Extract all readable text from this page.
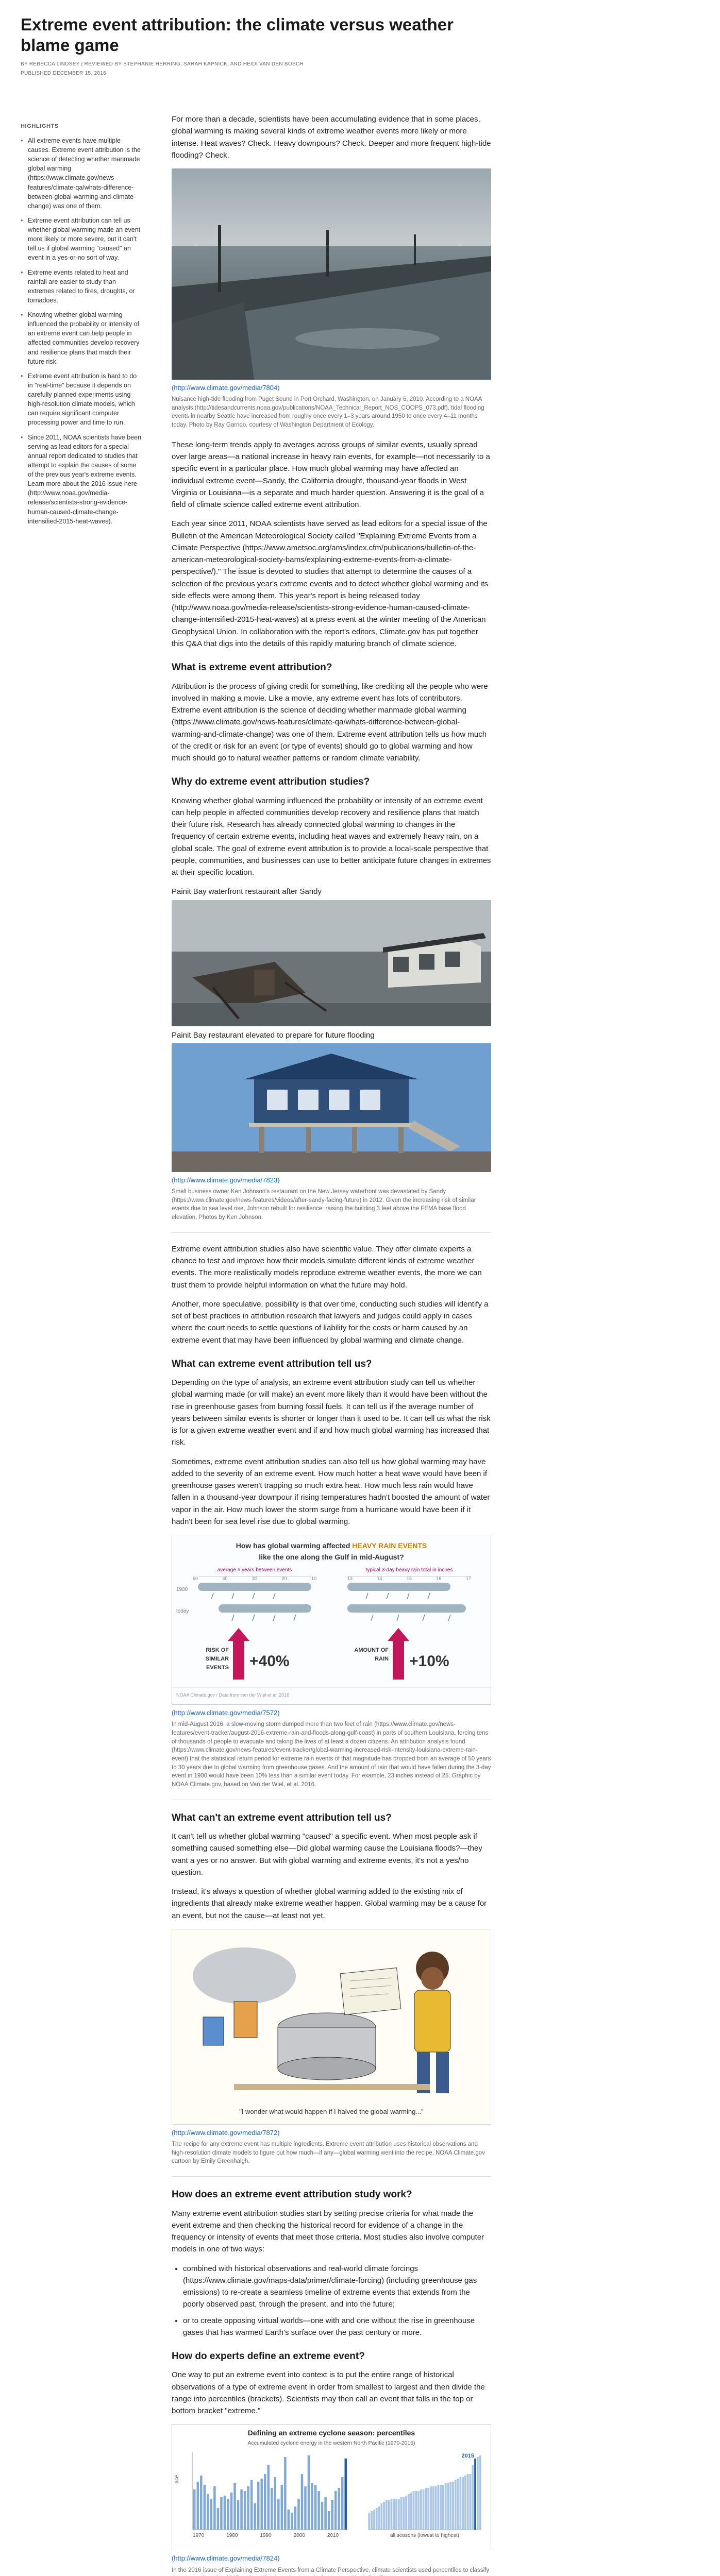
Extreme event attribution: the climate versus weather blame game
BY REBECCA LINDSEY | REVIEWED BY STEPHANIE HERRING, SARAH KAPNICK, AND HEIDI VAN DEN BOSCH
PUBLISHED DECEMBER 15, 2016
HIGHLIGHTS
• All extreme events have multiple causes. Extreme event attribution is the science of detecting whether manmade global warming (https://www.climate.gov/news-features/climate-qa/whats-difference-between-global-warming-and-climate-change) was one of them.
• Extreme event attribution can tell us whether global warming made an event more likely or more severe, but it can't tell us if global warming "caused" an event in a yes-or-no sort of way.
• Extreme events related to heat and rainfall are easier to study than extremes related to fires, droughts, or tornadoes.
• Knowing whether global warming influenced the probability or intensity of an extreme event can help people in affected communities develop recovery and resilience plans that match their future risk.
• Extreme event attribution is hard to do in "real-time" because it depends on carefully planned experiments using high-resolution climate models, which can require significant computer processing power and time to run.
• Since 2011, NOAA scientists have been serving as lead editors for a special annual report dedicated to studies that attempt to explain the causes of some of the previous year's extreme events. Learn more about the 2016 issue here (http://www.noaa.gov/media-release/scientists-strong-evidence-human-caused-climate-change-intensified-2015-heat-waves).

For more than a decade, scientists have been accumulating evidence that in some places, global warming is making several kinds of extreme weather events more likely or more intense. Heat waves? Check. Heavy downpours? Check. Deeper and more frequent high-tide flooding? Check.

(http://www.climate.gov/media/7804)
Nuisance high-tide flooding from Puget Sound in Port Orchard, Washington, on January 6, 2010. According to a NOAA analysis (http://tidesandcurrents.noaa.gov/publications/NOAA_Technical_Report_NOS_COOPS_073.pdf), tidal flooding events in nearby Seattle have increased from roughly once every 1–3 years around 1950 to once every 4–11 months today. Photo by Ray Garrido, courtesy of Washington Department of Ecology.

These long-term trends apply to averages across groups of similar events, usually spread over large areas—a national increase in heavy rain events, for example—not necessarily to a specific event in a particular place. How much global warming may have affected an individual extreme event—Sandy, the California drought, thousand-year floods in West Virginia or Louisiana—is a separate and much harder question. Answering it is the goal of a field of climate science called extreme event attribution.

Each year since 2011, NOAA scientists have served as lead editors for a special issue of the Bulletin of the American Meteorological Society called "Explaining Extreme Events from a Climate Perspective (https://www.ametsoc.org/ams/index.cfm/publications/bulletin-of-the-american-meteorological-society-bams/explaining-extreme-events-from-a-climate-perspective/)." The issue is devoted to studies that attempt to determine the causes of a selection of the previous year's extreme events and to detect whether global warming and its side effects were among them. This year's report is being released today (http://www.noaa.gov/media-release/scientists-strong-evidence-human-caused-climate-change-intensified-2015-heat-waves) at a press event at the winter meeting of the American Geophysical Union. In collaboration with the report's editors, Climate.gov has put together this Q&A that digs into the details of this rapidly maturing branch of climate science.

What is extreme event attribution?

Attribution is the process of giving credit for something, like crediting all the people who were involved in making a movie. Like a movie, any extreme event has lots of contributors. Extreme event attribution is the science of deciding whether manmade global warming (https://www.climate.gov/news-features/climate-qa/whats-difference-between-global-warming-and-climate-change) was one of them. Extreme event attribution tells us how much of the credit or risk for an event (or type of events) should go to global warming and how much should go to natural weather patterns or random climate variability.

Why do extreme event attribution studies?

Knowing whether global warming influenced the probability or intensity of an extreme event can help people in affected communities develop recovery and resilience plans that match their future risk. Research has already connected global warming to changes in the frequency of certain extreme events, including heat waves and extremely heavy rain, on a global scale. The goal of extreme event attribution is to provide a local-scale perspective that people, communities, and businesses can use to better anticipate future changes in extremes at their specific location.

Painit Bay waterfront restaurant after Sandy
Painit Bay restaurant elevated to prepare for future flooding
(http://www.climate.gov/media/7823)
Small business owner Ken Johnson's restaurant on the New Jersey waterfront was devastated by Sandy (https://www.climate.gov/news-features/videos/after-sandy-facing-future) in 2012. Given the increasing risk of similar events due to sea level rise, Johnson rebuilt for resilience: raising the building 3 feet above the FEMA base flood elevation. Photos by Ken Johnson.

Extreme event attribution studies also have scientific value. They offer climate experts a chance to test and improve how their models simulate different kinds of extreme weather events. The more realistically models reproduce extreme weather events, the more we can trust them to provide helpful information on what the future may hold.

Another, more speculative, possibility is that over time, conducting such studies will identify a set of best practices in attribution research that lawyers and judges could apply in cases where the court needs to settle questions of liability for the costs or harm caused by an extreme event that may have been influenced by global warming and climate change.

What can extreme event attribution tell us?

Depending on the type of analysis, an extreme event attribution study can tell us whether global warming made (or will make) an event more likely than it would have been without the rise in greenhouse gases from burning fossil fuels. It can tell us if the average number of years between similar events is shorter or longer than it used to be. It can tell us what the risk is for a given extreme weather event and if and how much global warming has increased that risk.

Sometimes, extreme event attribution studies can also tell us how global warming may have added to the severity of an extreme event. How much hotter a heat wave would have been if greenhouse gases weren't trapping so much extra heat. How much less rain would have fallen in a thousand-year downpour if rising temperatures hadn't boosted the amount of water vapor in the air. How much lower the storm surge from a hurricane would have been if it hadn't been for sea level rise due to global warming.

How has global warming affected HEAVY RAIN EVENTS
like the one along the Gulf in mid-August?
average # years between events	typical 3-day heavy rain total in inches
1900
today
50	40	30	20	10	13	14	15	16	17
RISK OF SIMILAR EVENTS +40%
AMOUNT OF RAIN +10%
NOAA Climate.gov / Data from van der Wiel et al. 2016
(http://www.climate.gov/media/7572)
In mid-August 2016, a slow-moving storm dumped more than two feet of rain (https://www.climate.gov/news-features/event-tracker/august-2016-extreme-rain-and-floods-along-gulf-coast) in parts of southern Louisiana, forcing tens of thousands of people to evacuate and taking the lives of at least a dozen citizens. An attribution analysis found (https://www.climate.gov/news-features/event-tracker/global-warming-increased-risk-intensity-louisiana-extreme-rain-event) that the statistical return period for extreme rain events of that magnitude has dropped from an average of 50 years to 30 years due to global warming from greenhouse gases. And the amount of rain that would have fallen during the 3-day event in 1900 would have been 10% less than a similar event today. For example, 23 inches instead of 25. Graphic by NOAA Climate.gov, based on Van der Wiel, et al. 2016.
What can't an extreme event attribution tell us?

It can't tell us whether global warming "caused" a specific event. When most people ask if something caused something else—Did global warming cause the Louisiana floods?—they want a yes or no answer. But with global warming and extreme events, it's not a yes/no question.

Instead, it's always a question of whether global warming added to the existing mix of ingredients that already make extreme weather happen. Global warming may be a cause for an event, but not the cause—at least not yet.

"I wonder what would happen if I halved the global warming..."
(http://www.climate.gov/media/7872)
The recipe for any extreme event has multiple ingredients. Extreme event attribution uses historical observations and high-resolution climate models to figure out how much—if any—global warming went into the recipe. NOAA Climate.gov cartoon by Emily Greenhalgh.
How does an extreme event attribution study work?

Many extreme event attribution studies start by setting precise criteria for what made the event extreme and then checking the historical record for evidence of a change in the frequency or intensity of events that meet those criteria. Most studies also involve computer models in one of two ways:

• combined with historical observations and real-world climate forcings (https://www.climate.gov/maps-data/primer/climate-forcing) (including greenhouse gas emissions) to re-create a seamless timeline of extreme events that extends from the poorly observed past, through the present, and into the future;
• or to create opposing virtual worlds—one with and one without the rise in greenhouse gases that has warmed Earth's surface over the past century or more.
How do experts define an extreme event?

One way to put an extreme event into context is to put the entire range of historical observations of a type of extreme event in order from smallest to largest and then divide the range into percentiles (brackets). Scientists may then call an event that falls in the top or bottom bracket "extreme."

Defining an extreme cyclone season: percentiles
Accumulated cyclone energy in the western North Pacific (1970-2015)
ace
1970	1980	1990	2000	2010	all seasons (lowest to highest)
2015
(http://www.climate.gov/media/7824)
In the 2016 issue of Explaining Extreme Events from a Climate Perspective, climate scientists used percentiles to classify
